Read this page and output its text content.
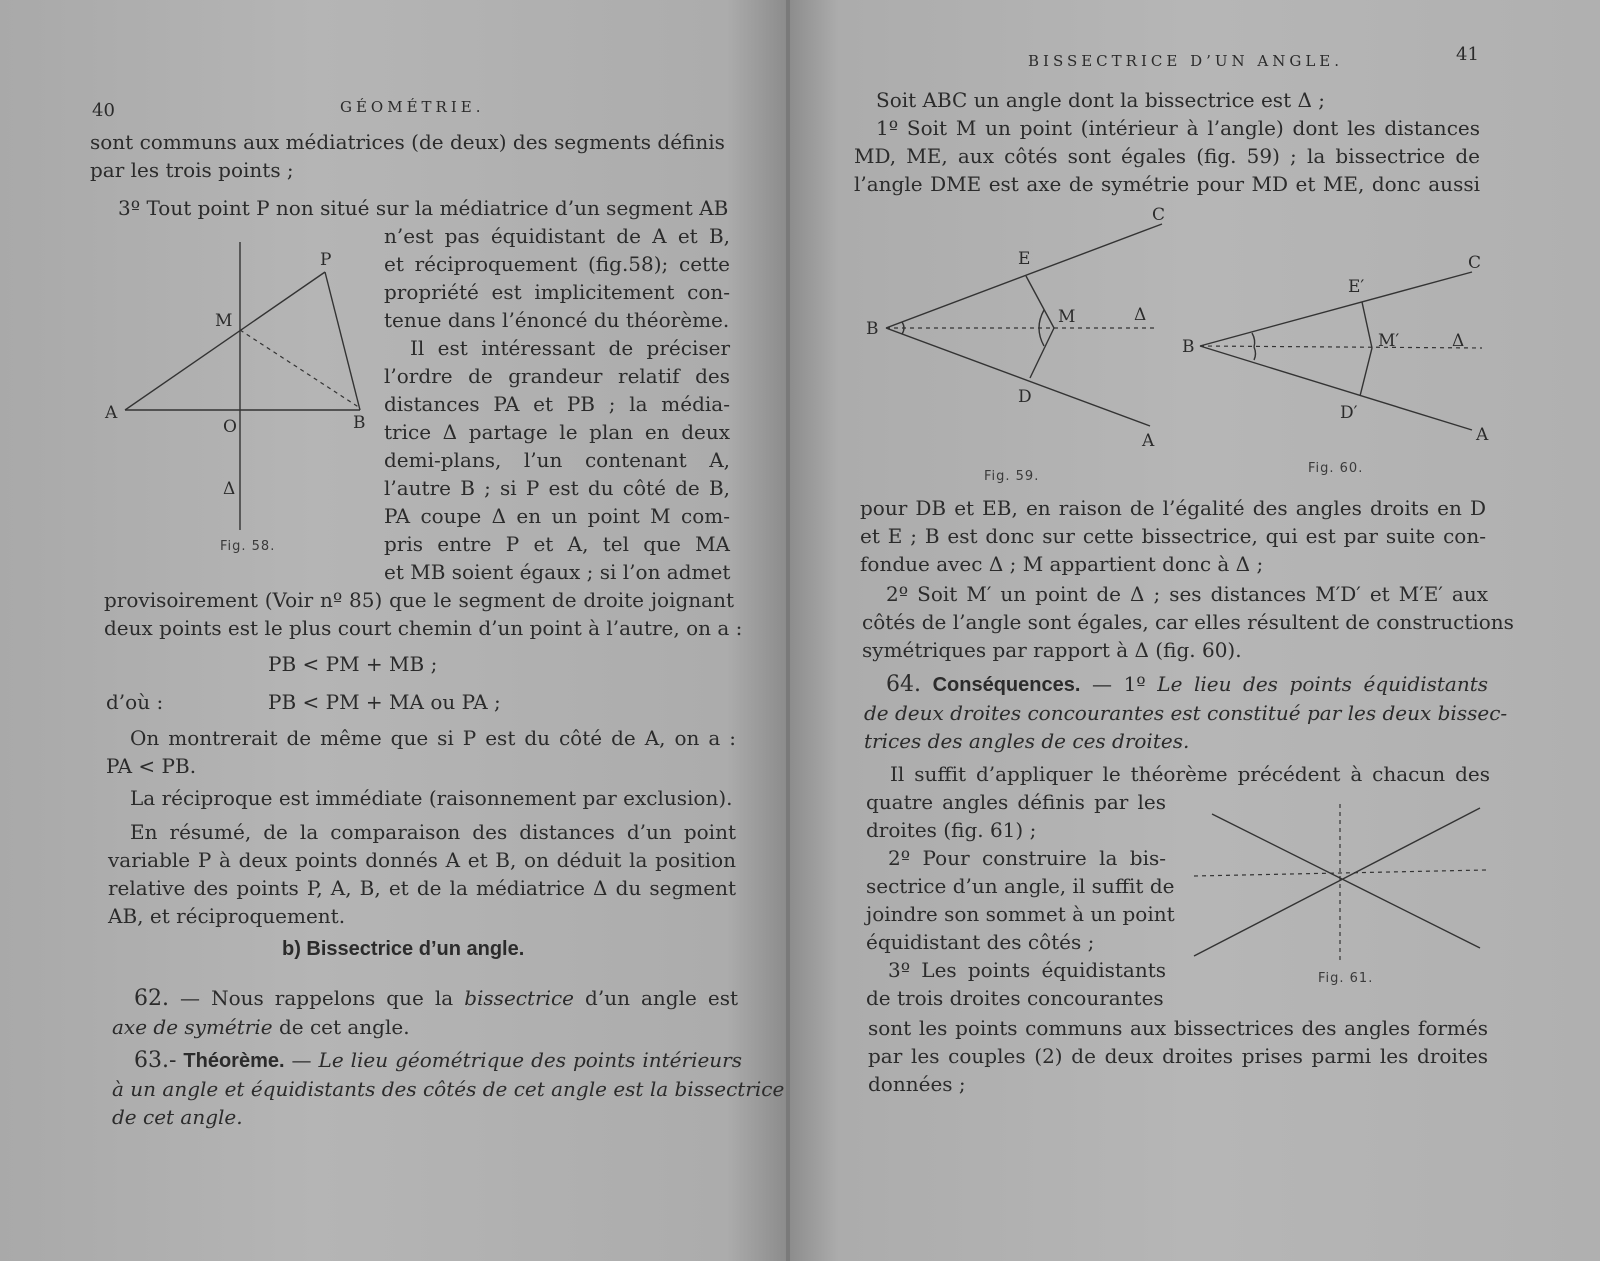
40	GÉOMÉTRIE.
sont communs aux médiatrices (de deux) des segments définis
par les trois points ;
3º Tout point P non situé sur la médiatrice d’un segment AB
n’est pas équidistant de A et B,
et réciproquement (fig.58); cette
propriété est implicitement con-
tenue dans l’énoncé du théorème.
Il est intéressant de préciser
l’ordre de grandeur relatif des
distances PA et PB ; la média-
trice Δ partage le plan en deux
demi-plans, l’un contenant A,
l’autre B ; si P est du côté de B,
PA coupe Δ en un point M com-
pris entre P et A, tel que MA
et MB soient égaux ; si l’on admet
P
M
A
O	B
Δ
Fig. 58.
provisoirement (Voir nº 85) que le segment de droite joignant
deux points est le plus court chemin d’un point à l’autre, on a :
PB < PM + MB ;
d’où :	PB < PM + MA ou PA ;
On montrerait de même que si P est du côté de A, on a :
PA < PB.
La réciproque est immédiate (raisonnement par exclusion).
En résumé, de la comparaison des distances d’un point
variable P à deux points donnés A et B, on déduit la position
relative des points P, A, B, et de la médiatrice Δ du segment
AB, et réciproquement.
b) Bissectrice d’un angle.
62. — Nous rappelons que la bissectrice d’un angle est
axe de symétrie de cet angle.
63.- Théorème. — Le lieu géométrique des points intérieurs
à un angle et équidistants des côtés de cet angle est la bissectrice
de cet angle.
BISSECTRICE D’UN ANGLE.	41
Soit ABC un angle dont la bissectrice est Δ ;
1º Soit M un point (intérieur à l’angle) dont les distances
MD, ME, aux côtés sont égales (fig. 59) ; la bissectrice de
l’angle DME est axe de symétrie pour MD et ME, donc aussi
C
E
B
M	Δ
D
A
Fig. 59.
C
E′
B	M′	Δ
D′
A
Fig. 60.
pour DB et EB, en raison de l’égalité des angles droits en D
et E ; B est donc sur cette bissectrice, qui est par suite con-
fondue avec Δ ; M appartient donc à Δ ;
2º Soit M′ un point de Δ ; ses distances M′D′ et M′E′ aux
côtés de l’angle sont égales, car elles résultent de constructions
symétriques par rapport à Δ (fig. 60).
64. Conséquences. — 1º Le lieu des points équidistants
de deux droites concourantes est constitué par les deux bissec-
trices des angles de ces droites.
Il suffit d’appliquer le théorème précédent à chacun des
quatre angles définis par les
droites (fig. 61) ;
2º Pour construire la bis-
sectrice d’un angle, il suffit de
joindre son sommet à un point
équidistant des côtés ;
3º Les points équidistants
de trois droites concourantes
Fig. 61.
sont les points communs aux bissectrices des angles formés
par les couples (2) de deux droites prises parmi les droites
données ;
